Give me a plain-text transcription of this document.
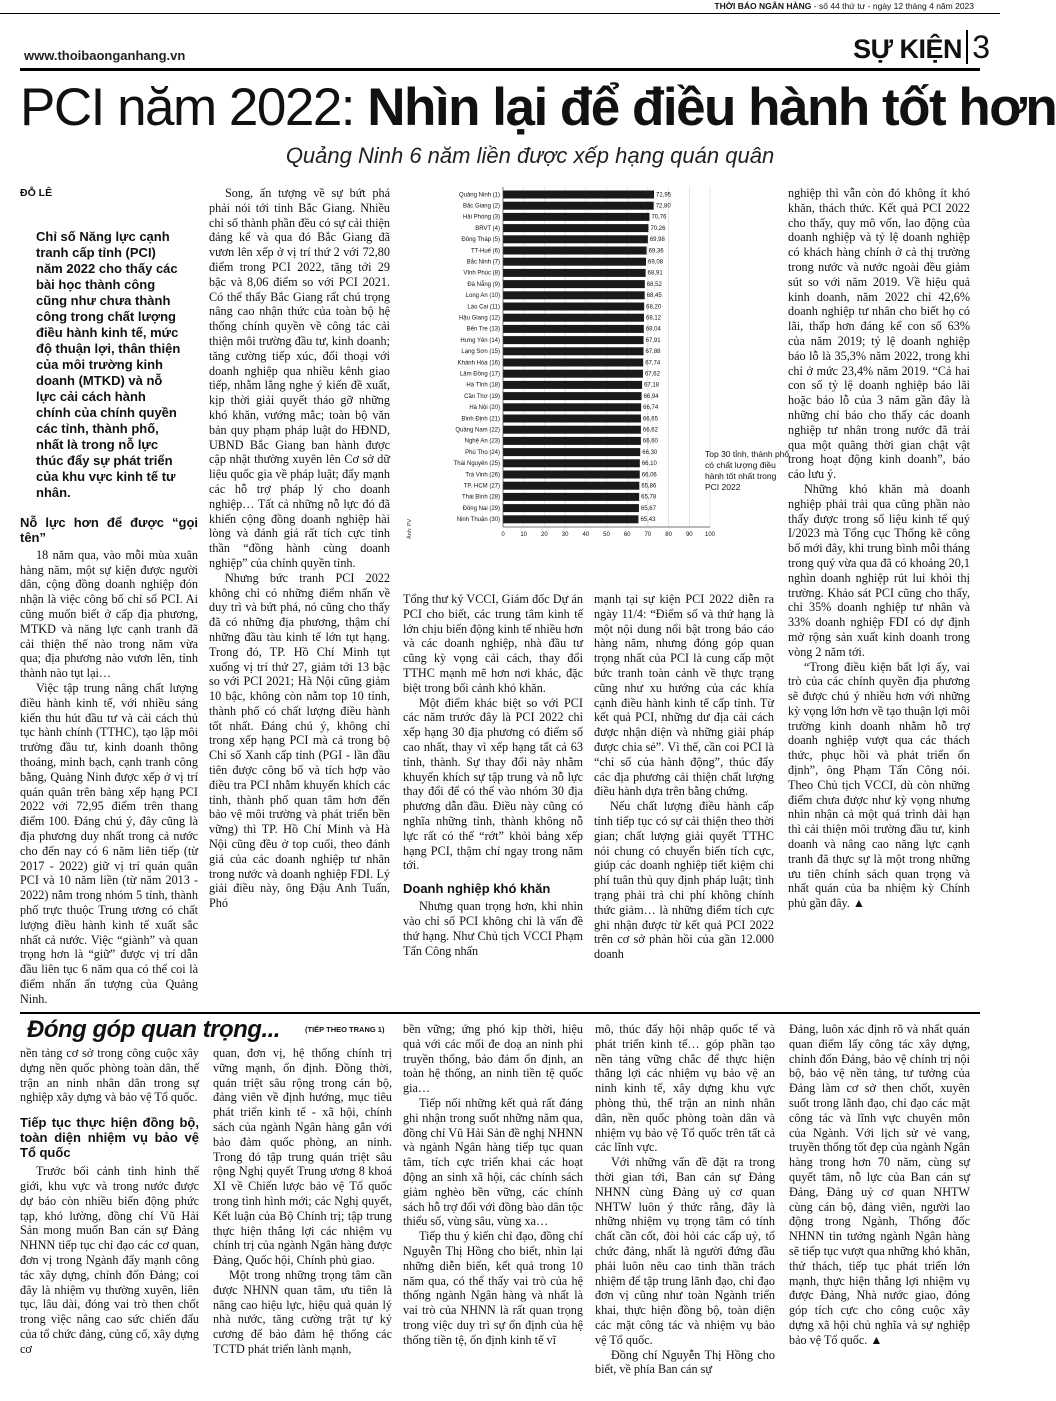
THỜI BÁO NGÂN HÀNG - số 44 thứ tư - ngày 12 tháng 4 năm 2023
www.thoibaonganhang.vn	SỰ KIỆN 3
PCI năm 2022: Nhìn lại để điều hành tốt hơn
Quảng Ninh 6 năm liền được xếp hạng quán quân
ĐỖ LÊ
Chỉ số Năng lực cạnh tranh cấp tỉnh (PCI) năm 2022 cho thấy các bài học thành công cũng như chưa thành công trong chất lượng điều hành kinh tế, mức độ thuận lợi, thân thiện của môi trường kinh doanh (MTKD) và nỗ lực cải cách hành chính của chính quyền các tỉnh, thành phố, nhất là trong nỗ lực thúc đẩy sự phát triển của khu vực kinh tế tư nhân.
Nỗ lực hơn để được “gọi tên”

18 năm qua, vào mỗi mùa xuân hàng năm, một sự kiện được người dân, cộng đồng doanh nghiệp đón nhận là việc công bố chỉ số PCI. Ai cũng muốn biết ở cấp địa phương, MTKD và năng lực cạnh tranh đã cải thiện thế nào trong năm vừa qua; địa phương nào vươn lên, tỉnh thành nào tụt lại…

Việc tập trung nâng chất lượng điều hành kinh tế, với nhiều sáng kiến thu hút đầu tư và cải cách thủ tục hành chính (TTHC), tạo lập môi trường đầu tư, kinh doanh thông thoáng, minh bạch, cạnh tranh công bằng, Quảng Ninh được xếp ở vị trí quán quân trên bảng xếp hạng PCI 2022 với 72,95 điểm trên thang điểm 100. Đáng chú ý, đây cũng là địa phương duy nhất trong cả nước cho đến nay có 6 năm liên tiếp (từ 2017 - 2022) giữ vị trí quán quân PCI và 10 năm liền (từ năm 2013 - 2022) nằm trong nhóm 5 tỉnh, thành phố trực thuộc Trung ương có chất lượng điều hành kinh tế xuất sắc nhất cả nước. Việc “giành” và quan trọng hơn là “giữ” được vị trí dẫn đầu liên tục 6 năm qua có thể coi là điểm nhấn ấn tượng của Quảng Ninh.

Song, ấn tượng về sự bứt phá phải nói tới tỉnh Bắc Giang. Nhiều chỉ số thành phần đều có sự cải thiện đáng kể và qua đó Bắc Giang đã vươn lên xếp ở vị trí thứ 2 với 72,80 điểm trong PCI 2022, tăng tới 29 bậc và 8,06 điểm so với PCI 2021. Có thể thấy Bắc Giang rất chú trọng nâng cao nhận thức của toàn bộ hệ thống chính quyền về công tác cải thiện môi trường đầu tư, kinh doanh; tăng cường tiếp xúc, đối thoại với doanh nghiệp qua nhiều kênh giao tiếp, nhằm lắng nghe ý kiến đề xuất, kịp thời giải quyết tháo gỡ những khó khăn, vướng mắc; toàn bộ văn bản quy phạm pháp luật do HĐND, UBND Bắc Giang ban hành được cập nhật thường xuyên lên Cơ sở dữ liệu quốc gia về pháp luật; đẩy mạnh các hỗ trợ pháp lý cho doanh nghiệp… Tất cả những nỗ lực đó đã khiến cộng đồng doanh nghiệp hài lòng và đánh giá rất tích cực tỉnh thần “đồng hành cùng doanh nghiệp” của chính quyền tỉnh.

Nhưng bức tranh PCI 2022 không chỉ có những điểm nhấn về duy trì và bứt phá, nó cũng cho thấy đã có những địa phương, thậm chí những đầu tàu kinh tế lớn tụt hạng. Trong đó, TP. Hồ Chí Minh tụt xuống vị trí thứ 27, giảm tới 13 bậc so với PCI 2021; Hà Nội cũng giảm 10 bậc, không còn nằm top 10 tỉnh, thành phố có chất lượng điều hành tốt nhất. Đáng chú ý, không chỉ trong xếp hạng PCI mà cả trong bộ Chỉ số Xanh cấp tỉnh (PGI - lần đầu tiên được công bố và tích hợp vào điều tra PCI nhằm khuyến khích các tỉnh, thành phố quan tâm hơn đến bảo vệ môi trường và phát triển bền vững) thì TP. Hồ Chí Minh và Hà Nội cũng đều ở top cuối, theo đánh giá của các doanh nghiệp tư nhân trong nước và doanh nghiệp FDI. Lý giải điều này, ông Đậu Anh Tuấn, Phó

0	10 20 30 40 50 60 70 80 90 100
Quảng Ninh (1)	72,95
Bắc Giang (2)	72,80
Hải Phòng (3)	70,76
BRVT (4)	70,26
Đồng Tháp (5)	69,98
TT-Huế (6)	69,36
Bắc Ninh (7)	69,08
Vĩnh Phúc (8)	68,91
Đà Nẵng (9)	68,52
Long An (10)	68,45
Lào Cai (11)	68,20
Hậu Giang (12)	68,12
Bến Tre (13)	68,04
Hưng Yên (14)	67,91
Lạng Sơn (15)	67,88
Khánh Hòa (16)	67,74
Lâm Đồng (17)	67,62
Hà Tĩnh (18)	67,18
Cần Thơ (19)	66,94
Hà Nội (20)	66,74
Bình Định (21)	66,65
Quảng Nam (22)	66,62
Nghệ An (23)	66,60
Phú Thọ (24)	66,30
Thái Nguyên (25)	66,10
Trà Vinh (26)	66,06
TP. HCM (27)	65,86
Thái Bình (28)	65,78
Đồng Nai (29)	65,67
Ninh Thuận (30)	65,43
Top 30 tỉnh, thành phố
có chất lượng điều
hành tốt nhất trong
PCI 2022
Ảnh: PV

Tổng thư ký VCCI, Giám đốc Dự án PCI cho biết, các trung tâm kinh tế lớn chịu biến động kinh tế nhiều hơn và các doanh nghiệp, nhà đầu tư cũng kỳ vọng cải cách, thay đổi TTHC mạnh mẽ hơn nơi khác, đặc biệt trong bối cảnh khó khăn.

Một điểm khác biệt so với PCI các năm trước đây là PCI 2022 chỉ xếp hạng 30 địa phương có điểm số cao nhất, thay vì xếp hạng tất cả 63 tỉnh, thành. Sự thay đổi này nhằm khuyến khích sự tập trung và nỗ lực thay đổi để có thể vào nhóm 30 địa phương dẫn đầu. Điều này cũng có nghĩa những tỉnh, thành không nỗ lực rất có thể “rớt” khỏi bảng xếp hạng PCI, thậm chí ngay trong năm tới.

Doanh nghiệp khó khăn

Nhưng quan trọng hơn, khi nhìn vào chỉ số PCI không chỉ là vấn đề thứ hạng. Như Chủ tịch VCCI Phạm Tấn Công nhấn

mạnh tại sự kiện PCI 2022 diễn ra ngày 11/4: “Điểm số và thứ hạng là một nội dung nổi bật trong báo cáo hàng năm, nhưng đóng góp quan trọng nhất của PCI là cung cấp một bức tranh toàn cảnh về thực trạng cũng như xu hướng của các khía cạnh điều hành kinh tế cấp tỉnh. Từ kết quả PCI, những dư địa cải cách được nhận diện và những giải pháp được chia sẻ”. Vì thế, cần coi PCI là “chỉ số của hành động”, thúc đẩy các địa phương cải thiện chất lượng điều hành dựa trên bằng chứng.

Nếu chất lượng điều hành cấp tỉnh tiếp tục có sự cải thiện theo thời gian; chất lượng giải quyết TTHC nói chung có chuyển biến tích cực, giúp các doanh nghiệp tiết kiệm chi phí tuân thủ quy định pháp luật; tình trạng phải trả chi phí không chính thức giảm… là những điểm tích cực ghi nhận được từ kết quả PCI 2022 trên cơ sở phản hồi của gần 12.000 doanh

nghiệp thì vẫn còn đó không ít khó khăn, thách thức. Kết quả PCI 2022 cho thấy, quy mô vốn, lao động của doanh nghiệp và tỷ lệ doanh nghiệp có khách hàng chính ở cả thị trường trong nước và nước ngoài đều giảm sút so với năm 2019. Về hiệu quả kinh doanh, năm 2022 chỉ 42,6% doanh nghiệp tư nhân cho biết họ có lãi, thấp hơn đáng kể con số 63% của năm 2019; tỷ lệ doanh nghiệp báo lỗ là 35,3% năm 2022, trong khi chỉ ở mức 23,4% năm 2019. “Cả hai con số tỷ lệ doanh nghiệp báo lãi hoặc báo lỗ của 3 năm gần đây là những chỉ báo cho thấy các doanh nghiệp tư nhân trong nước đã trải qua một quãng thời gian chật vật trong hoạt động kinh doanh”, báo cáo lưu ý.

Những khó khăn mà doanh nghiệp phải trải qua cũng phần nào thấy được trong số liệu kinh tế quý I/2023 mà Tổng cục Thống kê công bố mới đây, khi trung bình mỗi tháng trong quý vừa qua đã có khoảng 20,1 nghìn doanh nghiệp rút lui khỏi thị trường. Khảo sát PCI cũng cho thấy, chỉ 35% doanh nghiệp tư nhân và 33% doanh nghiệp FDI có dự định mở rộng sản xuất kinh doanh trong vòng 2 năm tới.

“Trong điều kiện bất lợi ấy, vai trò của các chính quyền địa phương sẽ được chú ý nhiều hơn với những kỳ vọng lớn hơn về tạo thuận lợi môi trường kinh doanh nhằm hỗ trợ doanh nghiệp vượt qua các thách thức, phục hồi và phát triển ổn định”, ông Phạm Tấn Công nói. Theo Chủ tịch VCCI, dù còn những điểm chưa được như kỳ vọng nhưng nhìn nhận cả một quá trình dài hạn thì cải thiện môi trường đầu tư, kinh doanh và nâng cao năng lực cạnh tranh đã thực sự là một trong những ưu tiên chính sách quan trọng và nhất quán của ba nhiệm kỳ Chính phủ gần đây. ▲

Đóng góp quan trọng...	(TIẾP THEO TRANG 1)

nền tảng cơ sở trong công cuộc xây dựng nền quốc phòng toàn dân, thế trận an ninh nhân dân trong sự nghiệp xây dựng và bảo vệ Tổ quốc.

Tiếp tục thực hiện đồng bộ, toàn diện nhiệm vụ bảo vệ Tổ quốc

Trước bối cảnh tình hình thế giới, khu vực và trong nước được dự báo còn nhiều biến động phức tạp, khó lường, đồng chí Vũ Hải Sản mong muốn Ban cán sự Đảng NHNN tiếp tục chỉ đạo các cơ quan, đơn vị trong Ngành đẩy mạnh công tác xây dựng, chỉnh đốn Đảng; coi đây là nhiệm vụ thường xuyên, liên tục, lâu dài, đóng vai trò then chốt trong việc nâng cao sức chiến đấu của tổ chức đảng, củng cố, xây dựng cơ

quan, đơn vị, hệ thống chính trị vững mạnh, ổn định. Đồng thời, quán triệt sâu rộng trong cán bộ, đảng viên về định hướng, mục tiêu phát triển kinh tế - xã hội, chính sách của ngành Ngân hàng gắn với bảo đảm quốc phòng, an ninh. Trong đó tập trung quán triệt sâu rộng Nghị quyết Trung ương 8 khoá XI về Chiến lược bảo vệ Tổ quốc trong tình hình mới; các Nghị quyết, Kết luận của Bộ Chính trị; tập trung thực hiện thắng lợi các nhiệm vụ chính trị của ngành Ngân hàng được Đảng, Quốc hội, Chính phủ giao.

Một trong những trọng tâm cần được NHNN quan tâm, ưu tiên là nâng cao hiệu lực, hiệu quả quản lý nhà nước, tăng cường trật tự kỷ cương để bảo đảm hệ thống các TCTD phát triển lành mạnh,

bền vững; ứng phó kịp thời, hiệu quả với các mối đe doạ an ninh phi truyền thống, bảo đảm ổn định, an toàn hệ thống, an ninh tiền tệ quốc gia…

Tiếp nối những kết quả rất đáng ghi nhận trong suốt những năm qua, đồng chí Vũ Hải Sản đề nghị NHNN và ngành Ngân hàng tiếp tục quan tâm, tích cực triển khai các hoạt động an sinh xã hội, các chính sách giảm nghèo bền vững, các chính sách hỗ trợ đối với đồng bào dân tộc thiểu số, vùng sâu, vùng xa…

Tiếp thu ý kiến chỉ đạo, đồng chí Nguyễn Thị Hồng cho biết, nhìn lại những diễn biến, kết quả trong 10 năm qua, có thể thấy vai trò của hệ thống ngành Ngân hàng và nhất là vai trò của NHNN là rất quan trọng trong việc duy trì sự ổn định của hệ thống tiền tệ, ổn định kinh tế vĩ

mô, thúc đẩy hội nhập quốc tế và phát triển kinh tế… góp phần tạo nền tảng vững chắc để thực hiện thắng lợi các nhiệm vụ bảo vệ an ninh kinh tế, xây dựng khu vực phòng thủ, thế trận an ninh nhân dân, nền quốc phòng toàn dân và nhiệm vụ bảo vệ Tổ quốc trên tất cả các lĩnh vực.

Với những vấn đề đặt ra trong thời gian tới, Ban cán sự Đảng NHNN cùng Đảng uỷ cơ quan NHTW luôn ý thức rằng, đây là những nhiệm vụ trọng tâm có tính chất cần cốt, đòi hỏi các cấp uỷ, tổ chức đảng, nhất là người đứng đầu phải luôn nêu cao tinh thần trách nhiệm để tập trung lãnh đạo, chỉ đạo đơn vị cũng như toàn Ngành triển khai, thực hiện đồng bộ, toàn diện các mặt công tác và nhiệm vụ bảo vệ Tổ quốc.

Đồng chí Nguyễn Thị Hồng cho biết, về phía Ban cán sự

Đảng, luôn xác định rõ và nhất quán quan điểm lấy công tác xây dựng, chỉnh đốn Đảng, bảo vệ chính trị nội bộ, bảo vệ nền tảng, tư tưởng của Đảng làm cơ sở then chốt, xuyên suốt trong lãnh đạo, chỉ đạo các mặt công tác và lĩnh vực chuyên môn của Ngành. Với lịch sử vẻ vang, truyền thống tốt đẹp của ngành Ngân hàng trong hơn 70 năm, cùng sự quyết tâm, nỗ lực của Ban cán sự Đảng, Đảng uỷ cơ quan NHTW cùng cán bộ, đảng viên, người lao động trong Ngành, Thống đốc NHNN tin tưởng ngành Ngân hàng sẽ tiếp tục vượt qua những khó khăn, thử thách, tiếp tục phát triển lớn mạnh, thực hiện thắng lợi nhiệm vụ được Đảng, Nhà nước giao, đóng góp tích cực cho công cuộc xây dựng xã hội chủ nghĩa và sự nghiệp bảo vệ Tổ quốc. ▲
